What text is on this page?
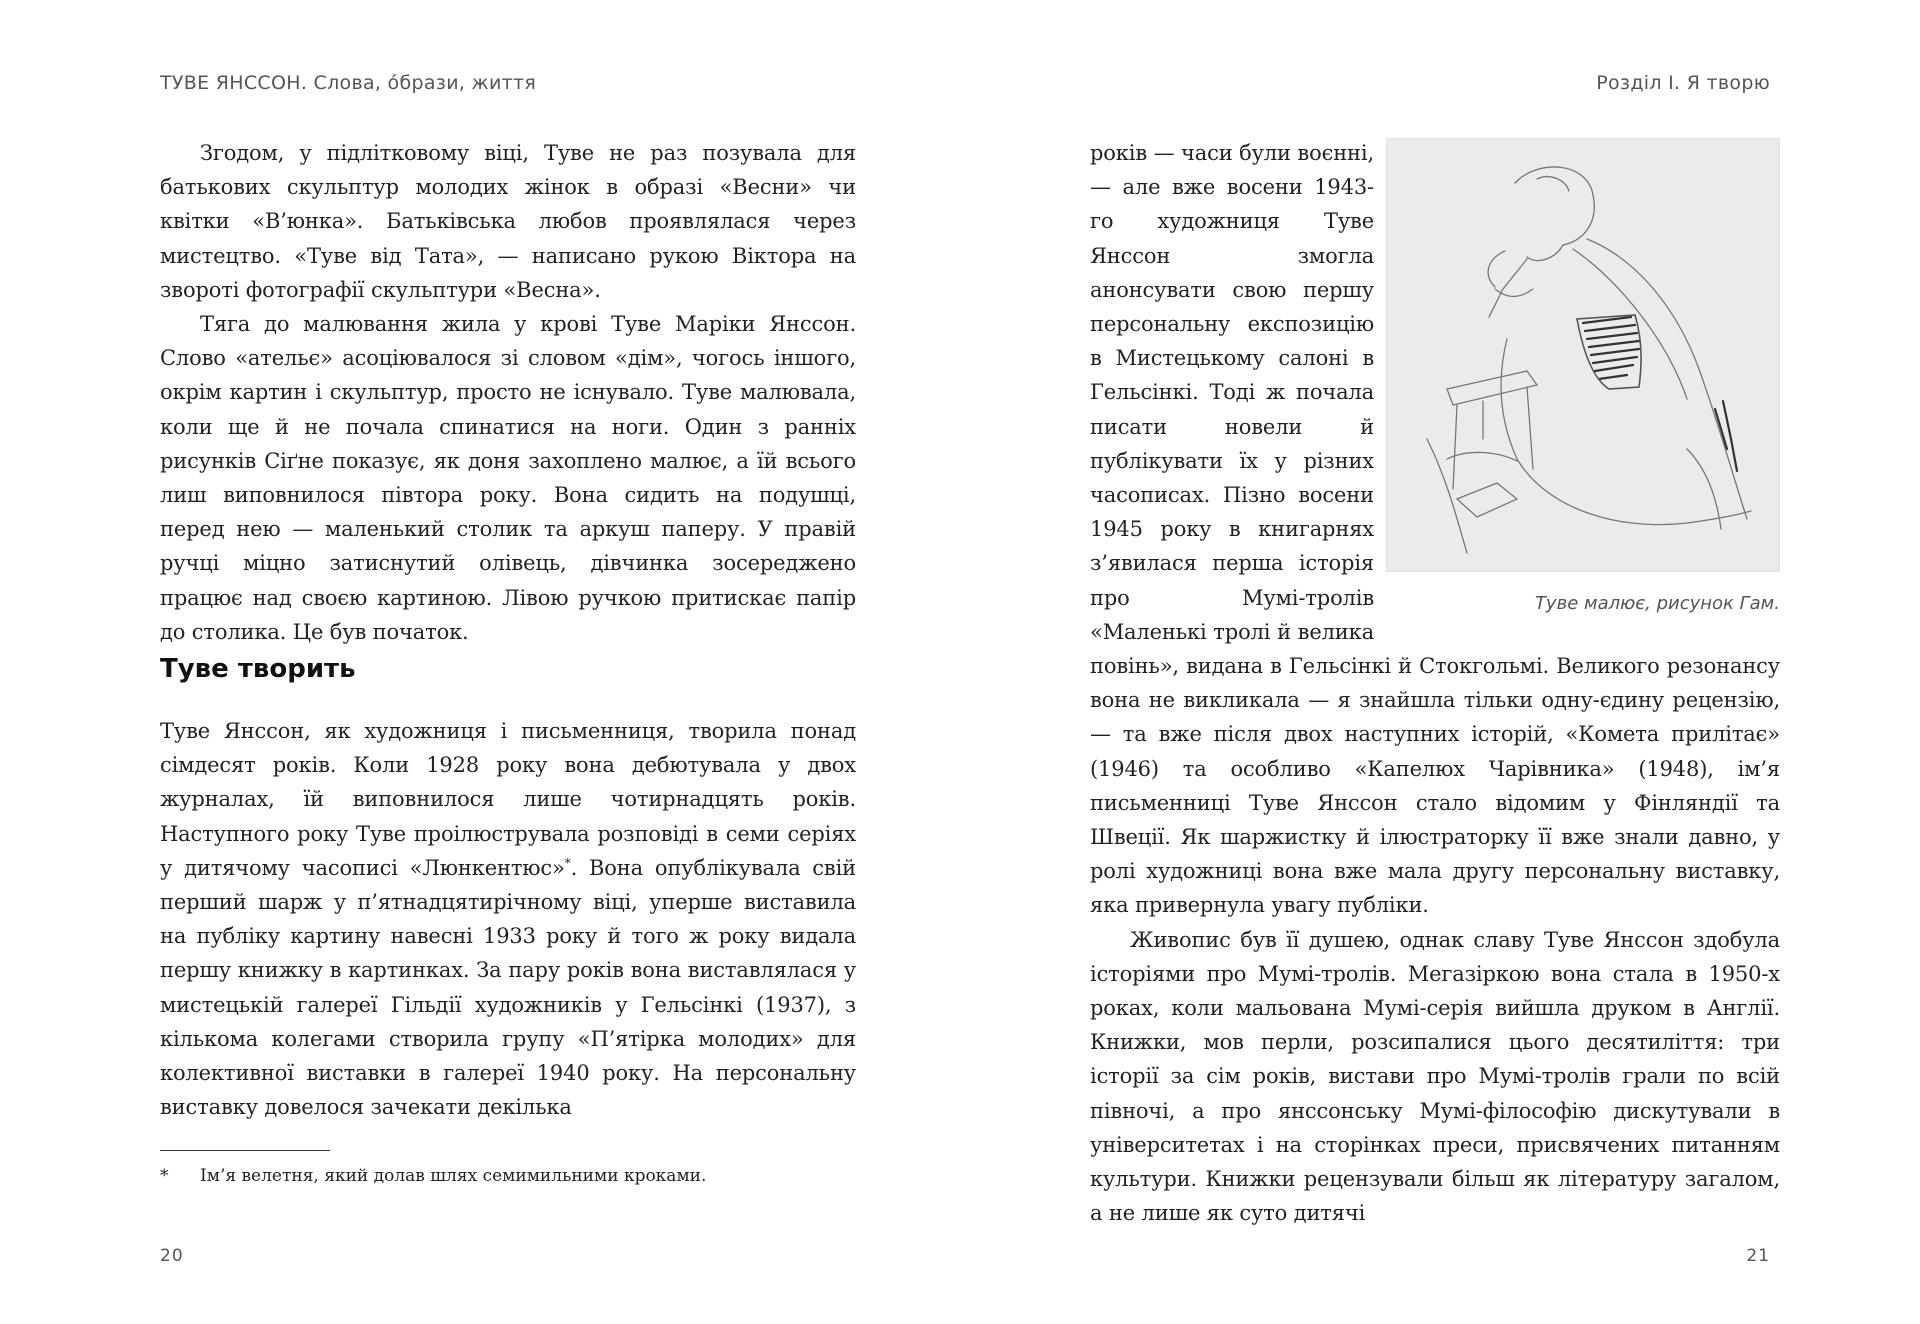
ТУВЕ ЯНССОН. Слова, óбрази, життя	Розділ І. Я творю

Згодом, у підлітковому віці, Туве не раз позувала для батькових скульптур молодих жінок в образі «Весни» чи квітки «В’юнка». Батьківська любов проявлялася через мистецтво. «Туве від Тата», — написано рукою Віктора на звороті фотографії скульптури «Весна».

Тяга до малювання жила у крові Туве Маріки Янссон. Слово «ательє» асоціювалося зі словом «дім», чогось іншого, окрім картин і скульптур, просто не існувало. Туве малювала, коли ще й не почала спинатися на ноги. Один з ранніх рисунків Сіґне показує, як доня захоплено малює, а їй всього лиш виповнилося півтора року. Вона сидить на подушці, перед нею — маленький столик та аркуш паперу. У правій ручці міцно затиснутий олівець, дівчинка зосереджено працює над своєю картиною. Лівою ручкою притискає папір до столика. Це був початок.

Туве творить

Туве Янссон, як художниця і письменниця, творила понад сімдесят років. Коли 1928 року вона дебютувала у двох журналах, їй виповнилося лише чотирнадцять років. Наступного року Туве проілюструвала розповіді в семи серіях у дитячому часописі «Люнкентюс»*. Вона опублікувала свій перший шарж у п’ятнадцятирічному віці, уперше виставила на публіку картину навесні 1933 року й того ж року видала першу книжку в картинках. За пару років вона виставлялася у мистецькій галереї Гільдії художників у Гельсінкі (1937), з кількома колегами створила групу «П’ятірка молодих» для колективної виставки в галереї 1940 року. На персональну виставку довелося зачекати декілька

*	Ім’я велетня, який долав шлях семимильними кроками.

20

Туве малює, рисунок Гам.

років — часи були воєнні, — але вже восени 1943-го художниця Туве Янссон змогла анонсувати свою першу персональну експозицію в Мистецькому салоні в Гельсінкі. Тоді ж почала писати новели й публікувати їх у різних часописах. Пізно восени 1945 року в книгарнях з’явилася перша історія про Мумі-тролів «Маленькі тролі й велика повінь», видана в Гельсінкі й Стокгольмі. Великого резонансу вона не викликала — я знайшла тільки одну-єдину рецензію, — та вже після двох наступних історій, «Комета прилітає» (1946) та особливо «Капелюх Чарівника» (1948), ім’я письменниці Туве Янссон стало відомим у Фінляндії та Швеції. Як шаржистку й ілюстраторку її вже знали давно, у ролі художниці вона вже мала другу персональну виставку, яка привернула увагу публіки.

Живопис був її душею, однак славу Туве Янссон здобула історіями про Мумі-тролів. Мегазіркою вона стала в 1950-х роках, коли мальована Мумі-серія вийшла друком в Англії. Книжки, мов перли, розсипалися цього десятиліття: три історії за сім років, вистави про Мумі-тролів грали по всій півночі, а про янссонську Мумі-філософію дискутували в університетах і на сторінках преси, присвячених питанням культури. Книжки рецензували більш як літературу загалом, а не лише як суто дитячі

21
